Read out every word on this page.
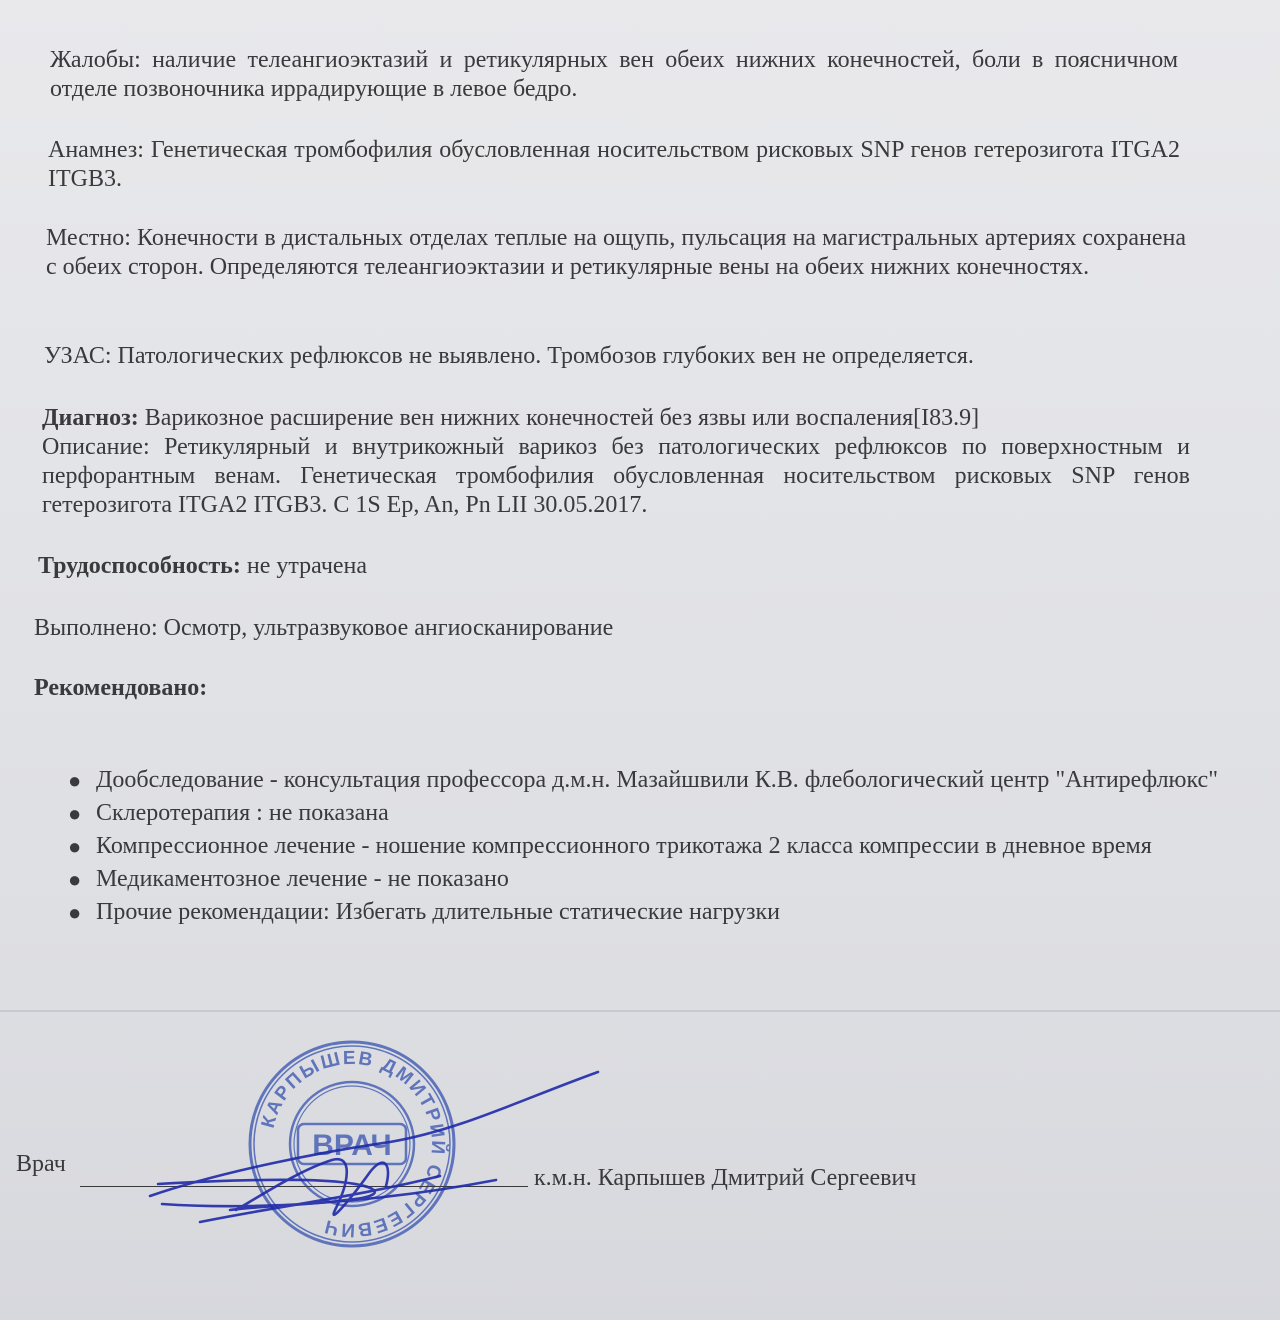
Жалобы: наличие телеангиоэктазий и ретикулярных вен обеих нижних конечностей, боли в поясничном отделе позвоночника иррадирующие в левое бедро.

Анамнез: Генетическая тромбофилия обусловленная носительством рисковых SNP генов гетерозигота ITGA2 ITGB3.

Местно: Конечности в дистальных отделах теплые на ощупь, пульсация на магистральных артериях сохранена с обеих сторон. Определяются телеангиоэктазии и ретикулярные вены на обеих нижних конечностях.

УЗАС: Патологических рефлюксов не выявлено. Тромбозов глубоких вен не определяется.

Диагноз: Варикозное расширение вен нижних конечностей без язвы или воспаления[I83.9]
Описание: Ретикулярный и внутрикожный варикоз без патологических рефлюксов по поверхностным и перфорантным венам. Генетическая тромбофилия обусловленная носительством рисковых SNP генов гетерозигота ITGA2 ITGB3. C 1S Ep, An, Pn LII 30.05.2017.

Трудоспособность: не утрачена
Выполнено: Осмотр, ультразвуковое ангиосканирование
Рекомендовано:
● Дообследование - консультация профессора д.м.н. Мазайшвили К.В. флебологический центр "Антирефлюкс"
● Склеротерапия : не показана
● Компрессионное лечение - ношение компрессионного трикотажа 2 класса компрессии в дневное время
● Медикаментозное лечение - не показано
● Прочие рекомендации: Избегать длительные статические нагрузки
КАРПЫШЕВ ДМИТРИЙ СЕРГЕЕВИЧ
ВРАЧ
Врач
к.м.н. Карпышев Дмитрий Сергеевич
